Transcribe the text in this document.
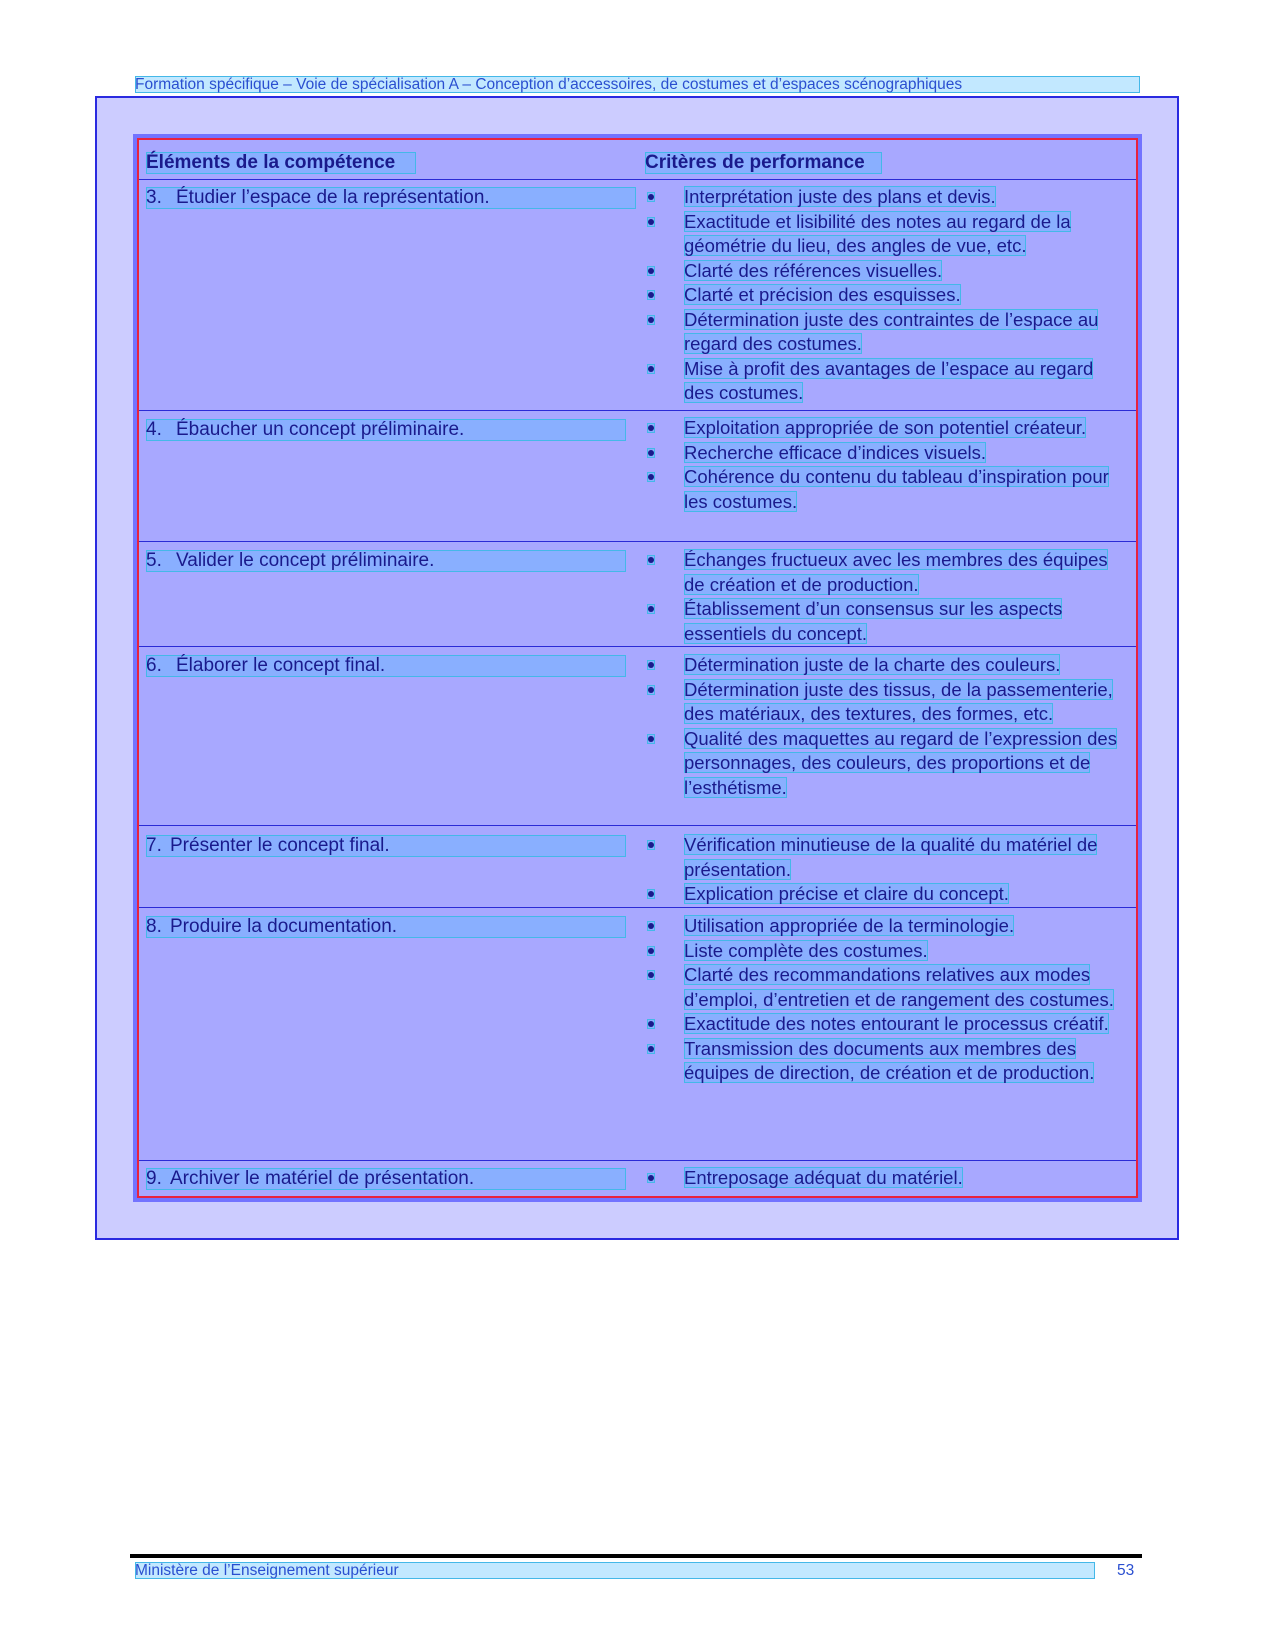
Formation spécifique – Voie de spécialisation A – Conception d’accessoires, de costumes et d’espaces scénographiques
Éléments de la compétence	Critères de performance
3. Étudier l’espace de la représentation.	Interprétation juste des plans et devis.
Exactitude et lisibilité des notes au regard de la géométrie du lieu, des angles de vue, etc.
Clarté des références visuelles.
Clarté et précision des esquisses.
Détermination juste des contraintes de l’espace au regard des costumes.
Mise à profit des avantages de l’espace au regard des costumes.
4. Ébaucher un concept préliminaire.	Exploitation appropriée de son potentiel créateur.
Recherche efficace d’indices visuels.
Cohérence du contenu du tableau d’inspiration pour les costumes.
5. Valider le concept préliminaire.	Échanges fructueux avec les membres des équipes de création et de production.
Établissement d’un consensus sur les aspects essentiels du concept.
6. Élaborer le concept final.	Détermination juste de la charte des couleurs.
Détermination juste des tissus, de la passementerie, des matériaux, des textures, des formes, etc.
Qualité des maquettes au regard de l’expression des personnages, des couleurs, des proportions et de l’esthétisme.
7. Présenter le concept final.	Vérification minutieuse de la qualité du matériel de présentation.
Explication précise et claire du concept.
8. Produire la documentation.	Utilisation appropriée de la terminologie.
Liste complète des costumes.
Clarté des recommandations relatives aux modes d’emploi, d’entretien et de rangement des costumes.
Exactitude des notes entourant le processus créatif.
Transmission des documents aux membres des équipes de direction, de création et de production.
9. Archiver le matériel de présentation.	Entreposage adéquat du matériel.
Ministère de l’Enseignement supérieur	53
